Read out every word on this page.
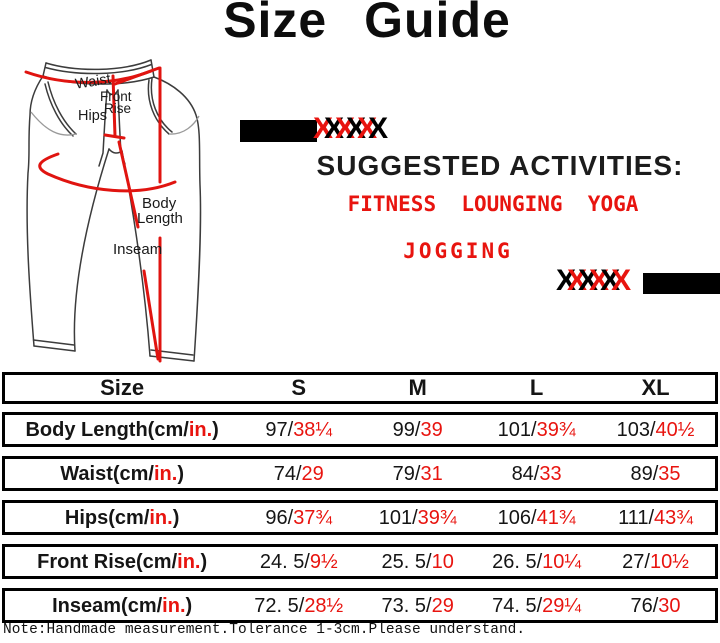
Size Guide
Waist
Front
Rise
Hips
Body
Length
Inseam
XXXXXX
XXXXXX
SUGGESTED ACTIVITIES:
FITNESS  LOUNGING  YOGA
JOGGING
Size	S	M	L	XL
Body Length(cm/in.)	97/38¼	99/39	101/39¾	103/40½
Waist(cm/in.)	74/29	79/31	84/33	89/35
Hips(cm/in.)	96/37¾	101/39¾	106/41¾	111/43¾
Front Rise(cm/in.)	24. 5/9½	25. 5/10	26. 5/10¼	27/10½
Inseam(cm/in.)	72. 5/28½	73. 5/29	74. 5/29¼	76/30
Note:Handmade measurement.Tolerance 1-3cm.Please understand.
